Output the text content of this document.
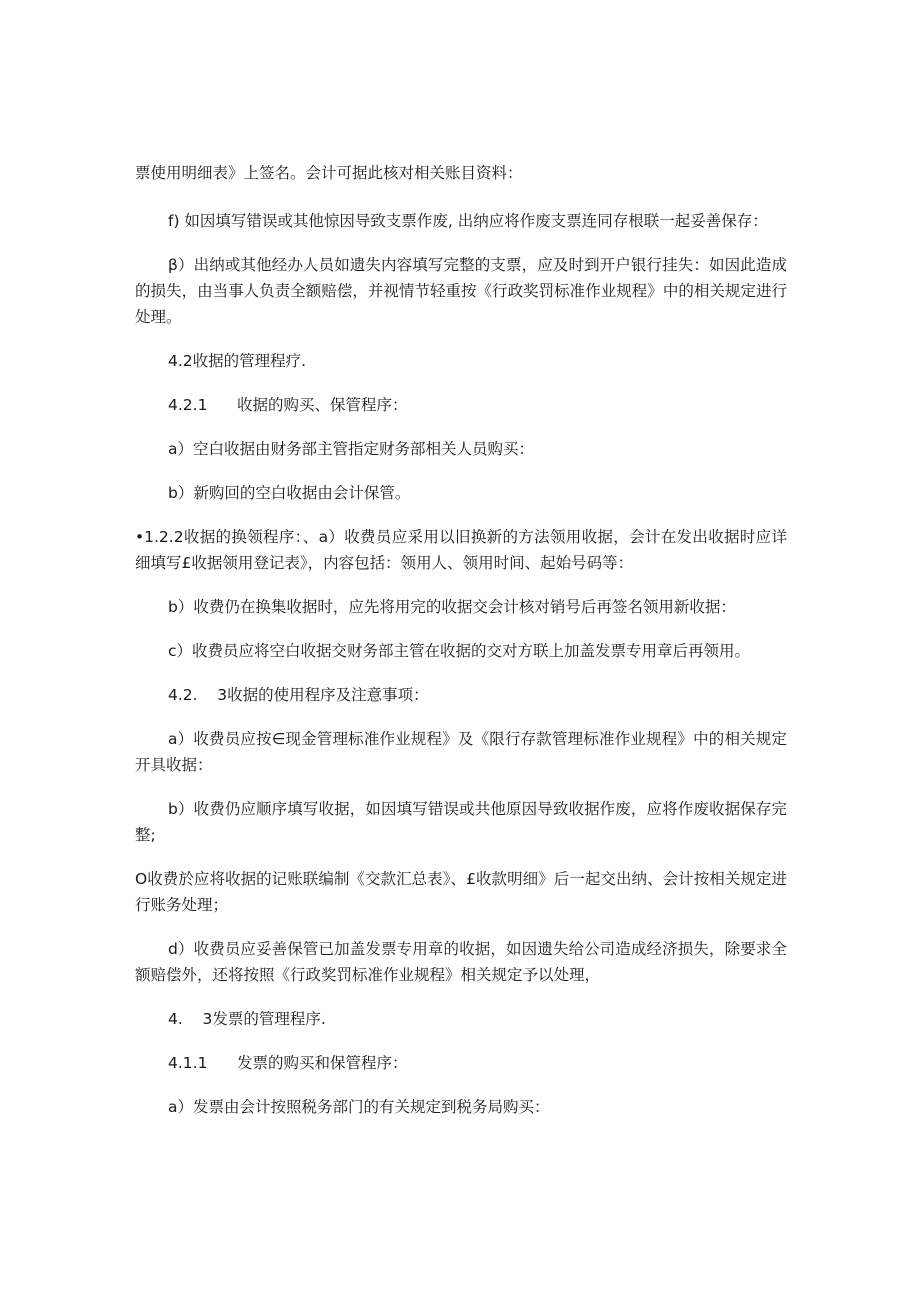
票使用明细表》上签名。会计可据此核对相关账目资料：

f) 如因填写错误或其他惊因导致支票作废, 出纳应将作废支票连同存根联一起妥善保存：

β）出纳或其他经办人员如遗失内容填写完整的支票，应及时到开户银行挂失：如因此造成的损失，由当事人负责全额赔偿，并视情节轻重按《行政奖罚标准作业规程》中的相关规定进行处理。

4.2收据的管理程疗.

4.2.1      收据的购买、保管程序：

a）空白收据由财务部主管指定财务部相关人员购买：

b）新购回的空白收据由会计保管。

•1.2.2收据的换领程序：、a）收费员应采用以旧换新的方法领用收据，会计在发出收据时应详细填写£收据领用登记表》，内容包括：领用人、领用时间、起始号码等：

b）收费仍在换集收据时，应先将用完的收据交会计核对销号后再签名领用新收据：

c）收费员应将空白收据交财务部主管在收据的交对方联上加盖发票专用章后再领用。

4.2.    3收据的使用程序及注意事项：

a）收费员应按∈现金管理标准作业规程》及《限行存款管理标准作业规程》中的相关规定开具收据：

b）收费仍应顺序填写收据，如因填写错误或共他原因导致收据作废，应将作废收据保存完整;

O收费於应将收据的记账联编制《交款汇总表》、£收款明细》后一起交出纳、会计按相关规定进行账务处理；

d）收费员应妥善保管已加盖发票专用章的收据，如因遗失给公司造成经济损失，除要求全额赔偿外，还将按照《行政奖罚标准作业规程》相关规定予以处理，

4.    3发票的管理程序.

4.1.1      发票的购买和保管程序：

a）发票由会计按照税务部门的有关规定到税务局购买：
